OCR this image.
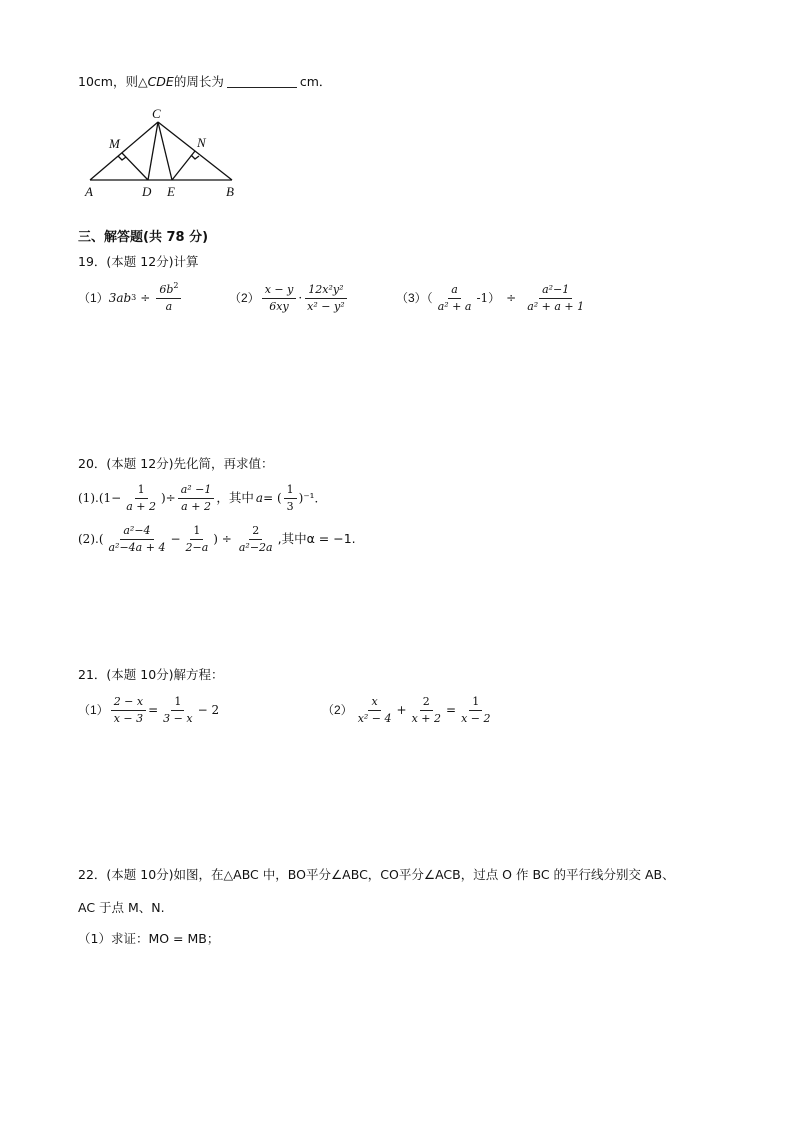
10cm，则△CDE的周长为	cm．
A	B
C
D E
M	N
三、解答题(共 78 分)
19．(本题 12分)计算
（1） 3ab $3 \div \frac{6b^2}{a}$	$(2) \frac{x - y}{6xy} \cdot \frac{\text{12x²y²}}{\text{x² − y²}}$	$(3)( \frac{a}{\text{a² + a}} -1) \div \frac{\text{a²−1}}{\text{a² + a + 1}}$
20．(本题 12分)先化简，再求值：
$(1).(1- \frac{1}{a + 2}$ )÷ $\frac{\text{a² −1}}{a + 2}$ ，其中 a = ( $\frac{1}{3} )^{-1}$．
$(2).( \frac{\text{a²−4}}{\text{a²−4a + 4}} - \frac{1}{2-a}$ ) ÷ $\frac{2}{\text{a²−2a}}$ ,其中α = −1.
21．(本题 10分)解方程：
$(1) \frac{2 - x}{x - 3} = \frac{1}{3 - x} - 2$	$(2) \frac{x}{\text{x² − 4}} + \frac{2}{x + 2} = \frac{1}{x - 2}$
22．(本题 10分)如图，在△ABC 中，BO平分∠ABC，CO平分∠ACB，过点 O 作 BC 的平行线分别交 AB、
AC 于点 M、N.
（1）求证：MO = MB；
